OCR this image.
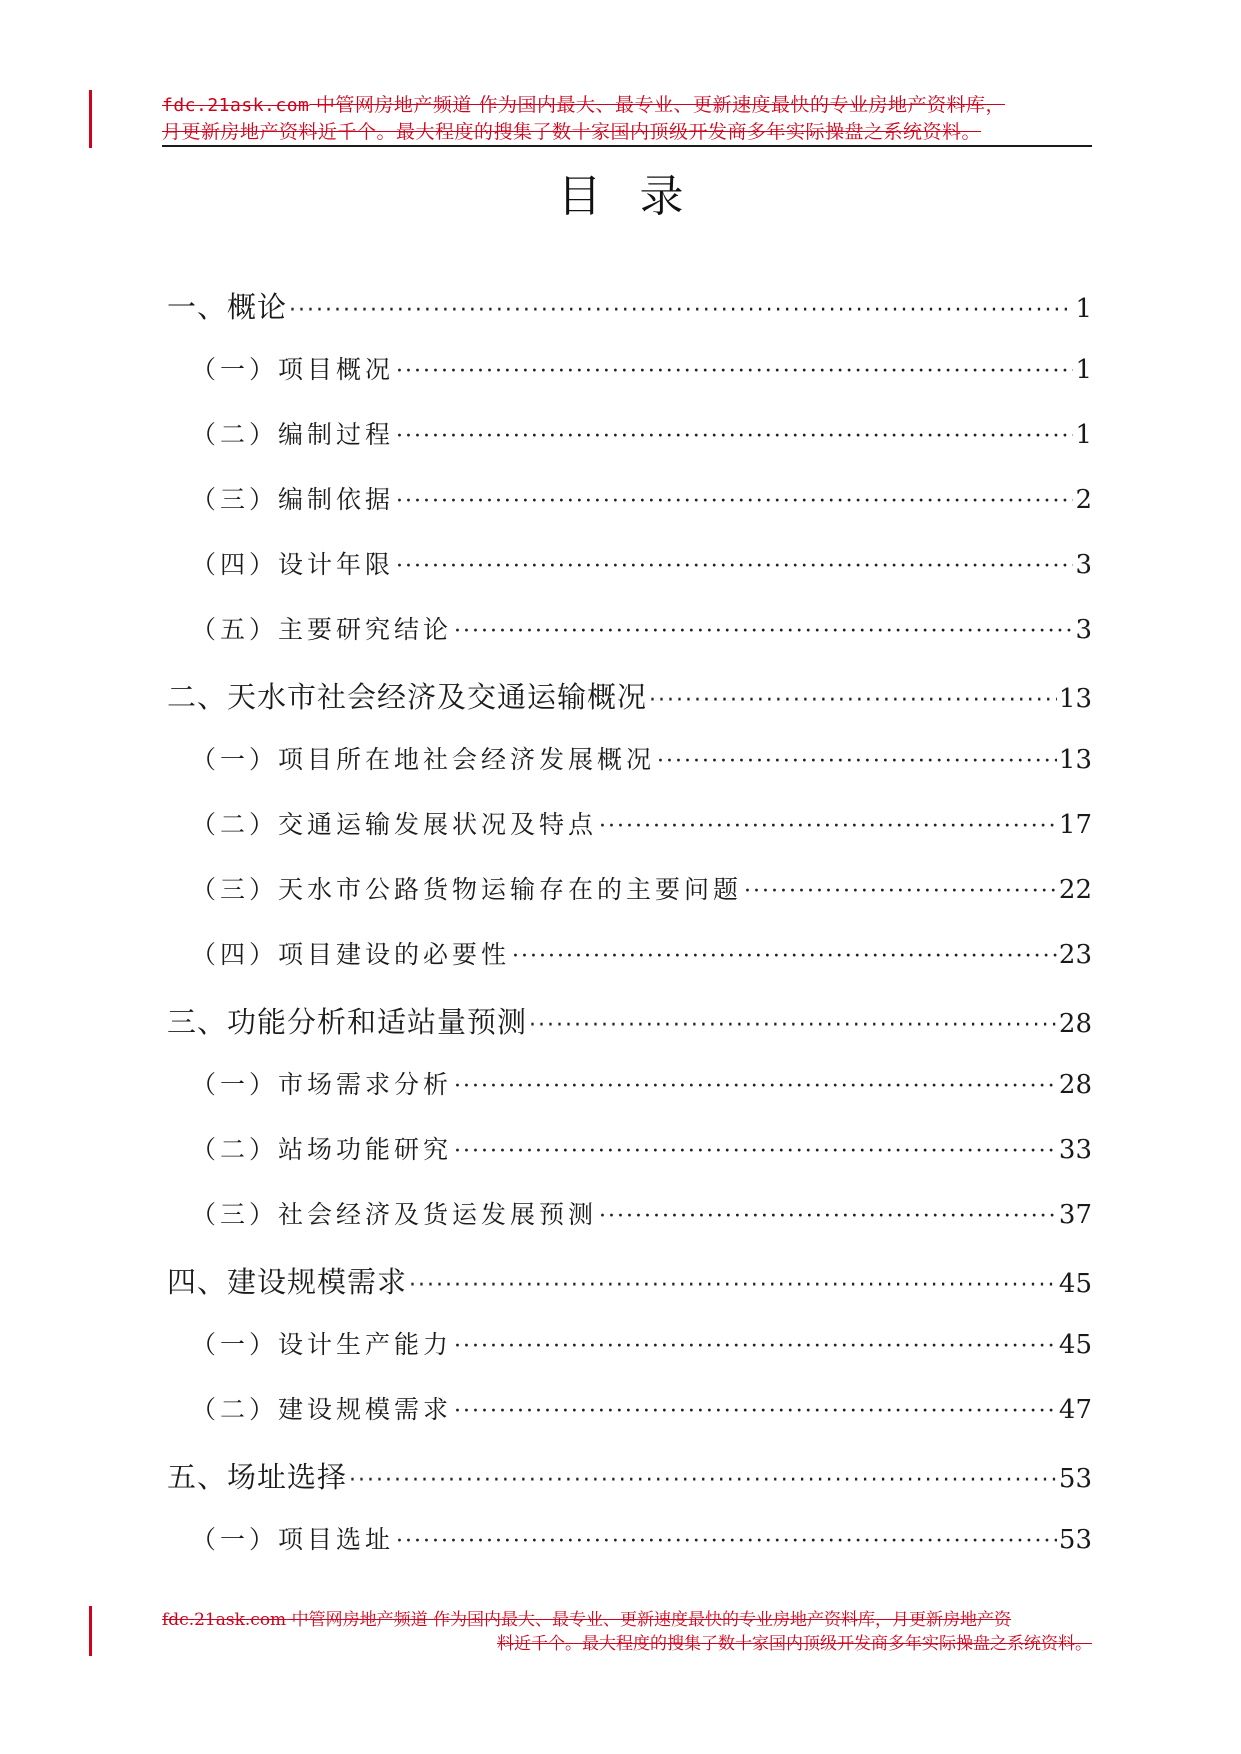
fdc.21ask.com 中管网房地产频道 作为国内最大、最专业、更新速度最快的专业房地产资料库，
月更新房地产资料近千个。最大程度的搜集了数十家国内顶级开发商多年实际操盘之系统资料。
目录
一、概论 ·····	1
（一）项目概况 ·····	1
（二）编制过程 ·····	1
（三）编制依据 ·····	2
（四）设计年限 ·····	3
（五）主要研究结论 ·····	3
二、天水市社会经济及交通运输概况 ·····	13
（一）项目所在地社会经济发展概况 ·····	13
（二）交通运输发展状况及特点 ·····	17
（三）天水市公路货物运输存在的主要问题 ·····	22
（四）项目建设的必要性 ·····	23
三、功能分析和适站量预测 ·····	28
（一）市场需求分析 ·····	28
（二）站场功能研究 ·····	33
（三）社会经济及货运发展预测 ·····	37
四、建设规模需求 ·····	45
（一）设计生产能力 ·····	45
（二）建设规模需求 ·····	47
五、场址选择 ·····	53
（一）项目选址 ·····	53
fdc.21ask.com 中管网房地产频道 作为国内最大、最专业、更新速度最快的专业房地产资料库，月更新房地产资
料近千个。最大程度的搜集了数十家国内顶级开发商多年实际操盘之系统资料。
